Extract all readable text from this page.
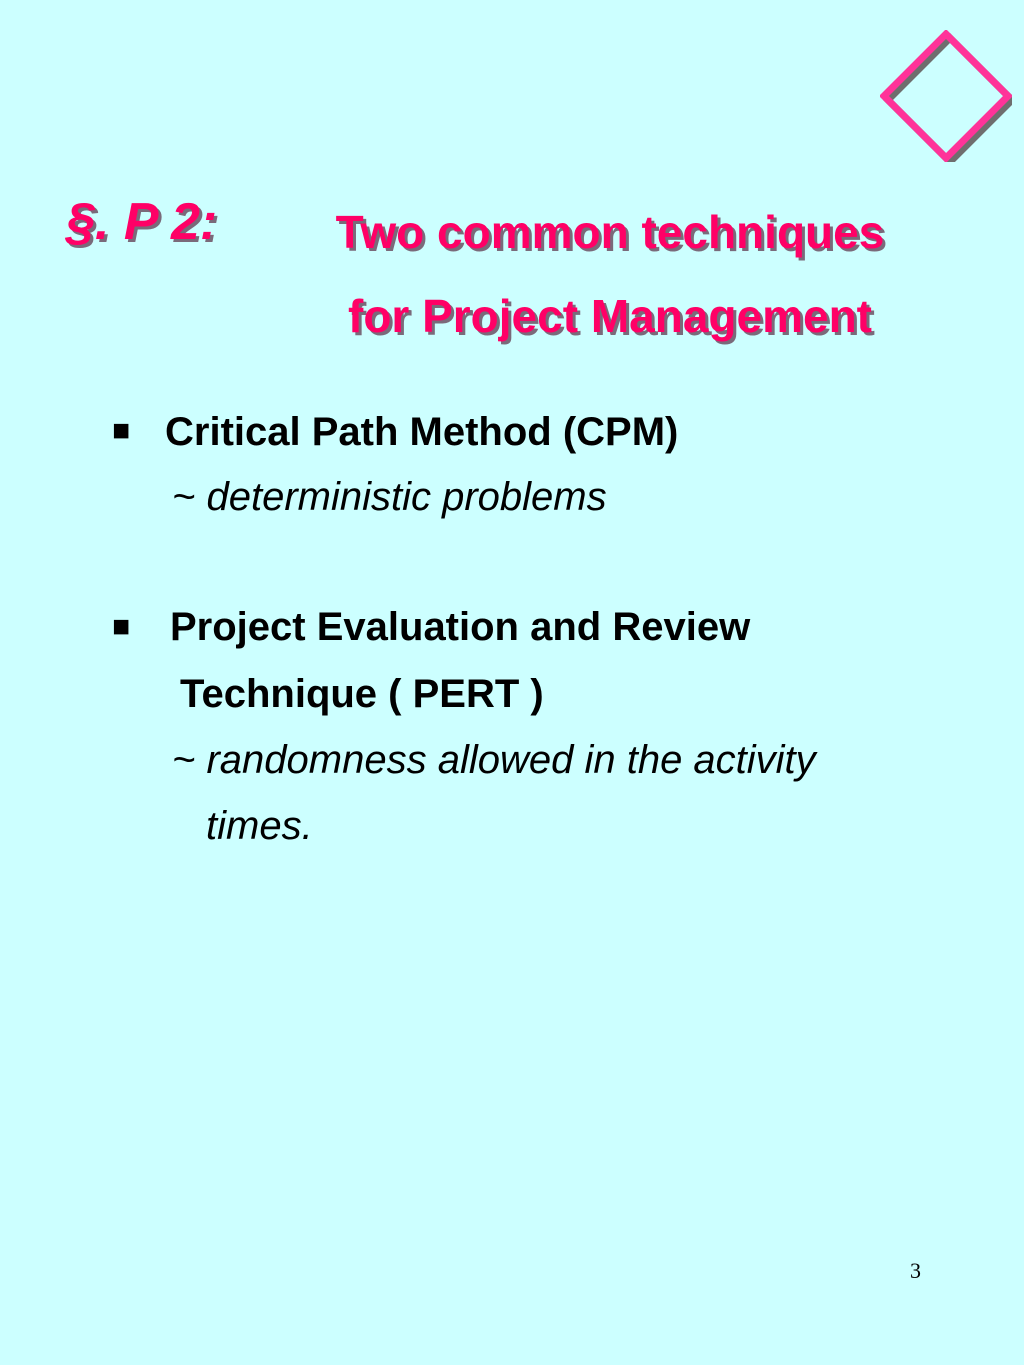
§. P 2:	Two common techniques
for Project Management
■ Critical Path Method (CPM)
~ deterministic problems
■ Project Evaluation and Review
Technique ( PERT )
~ randomness allowed in the activity
times.
3
